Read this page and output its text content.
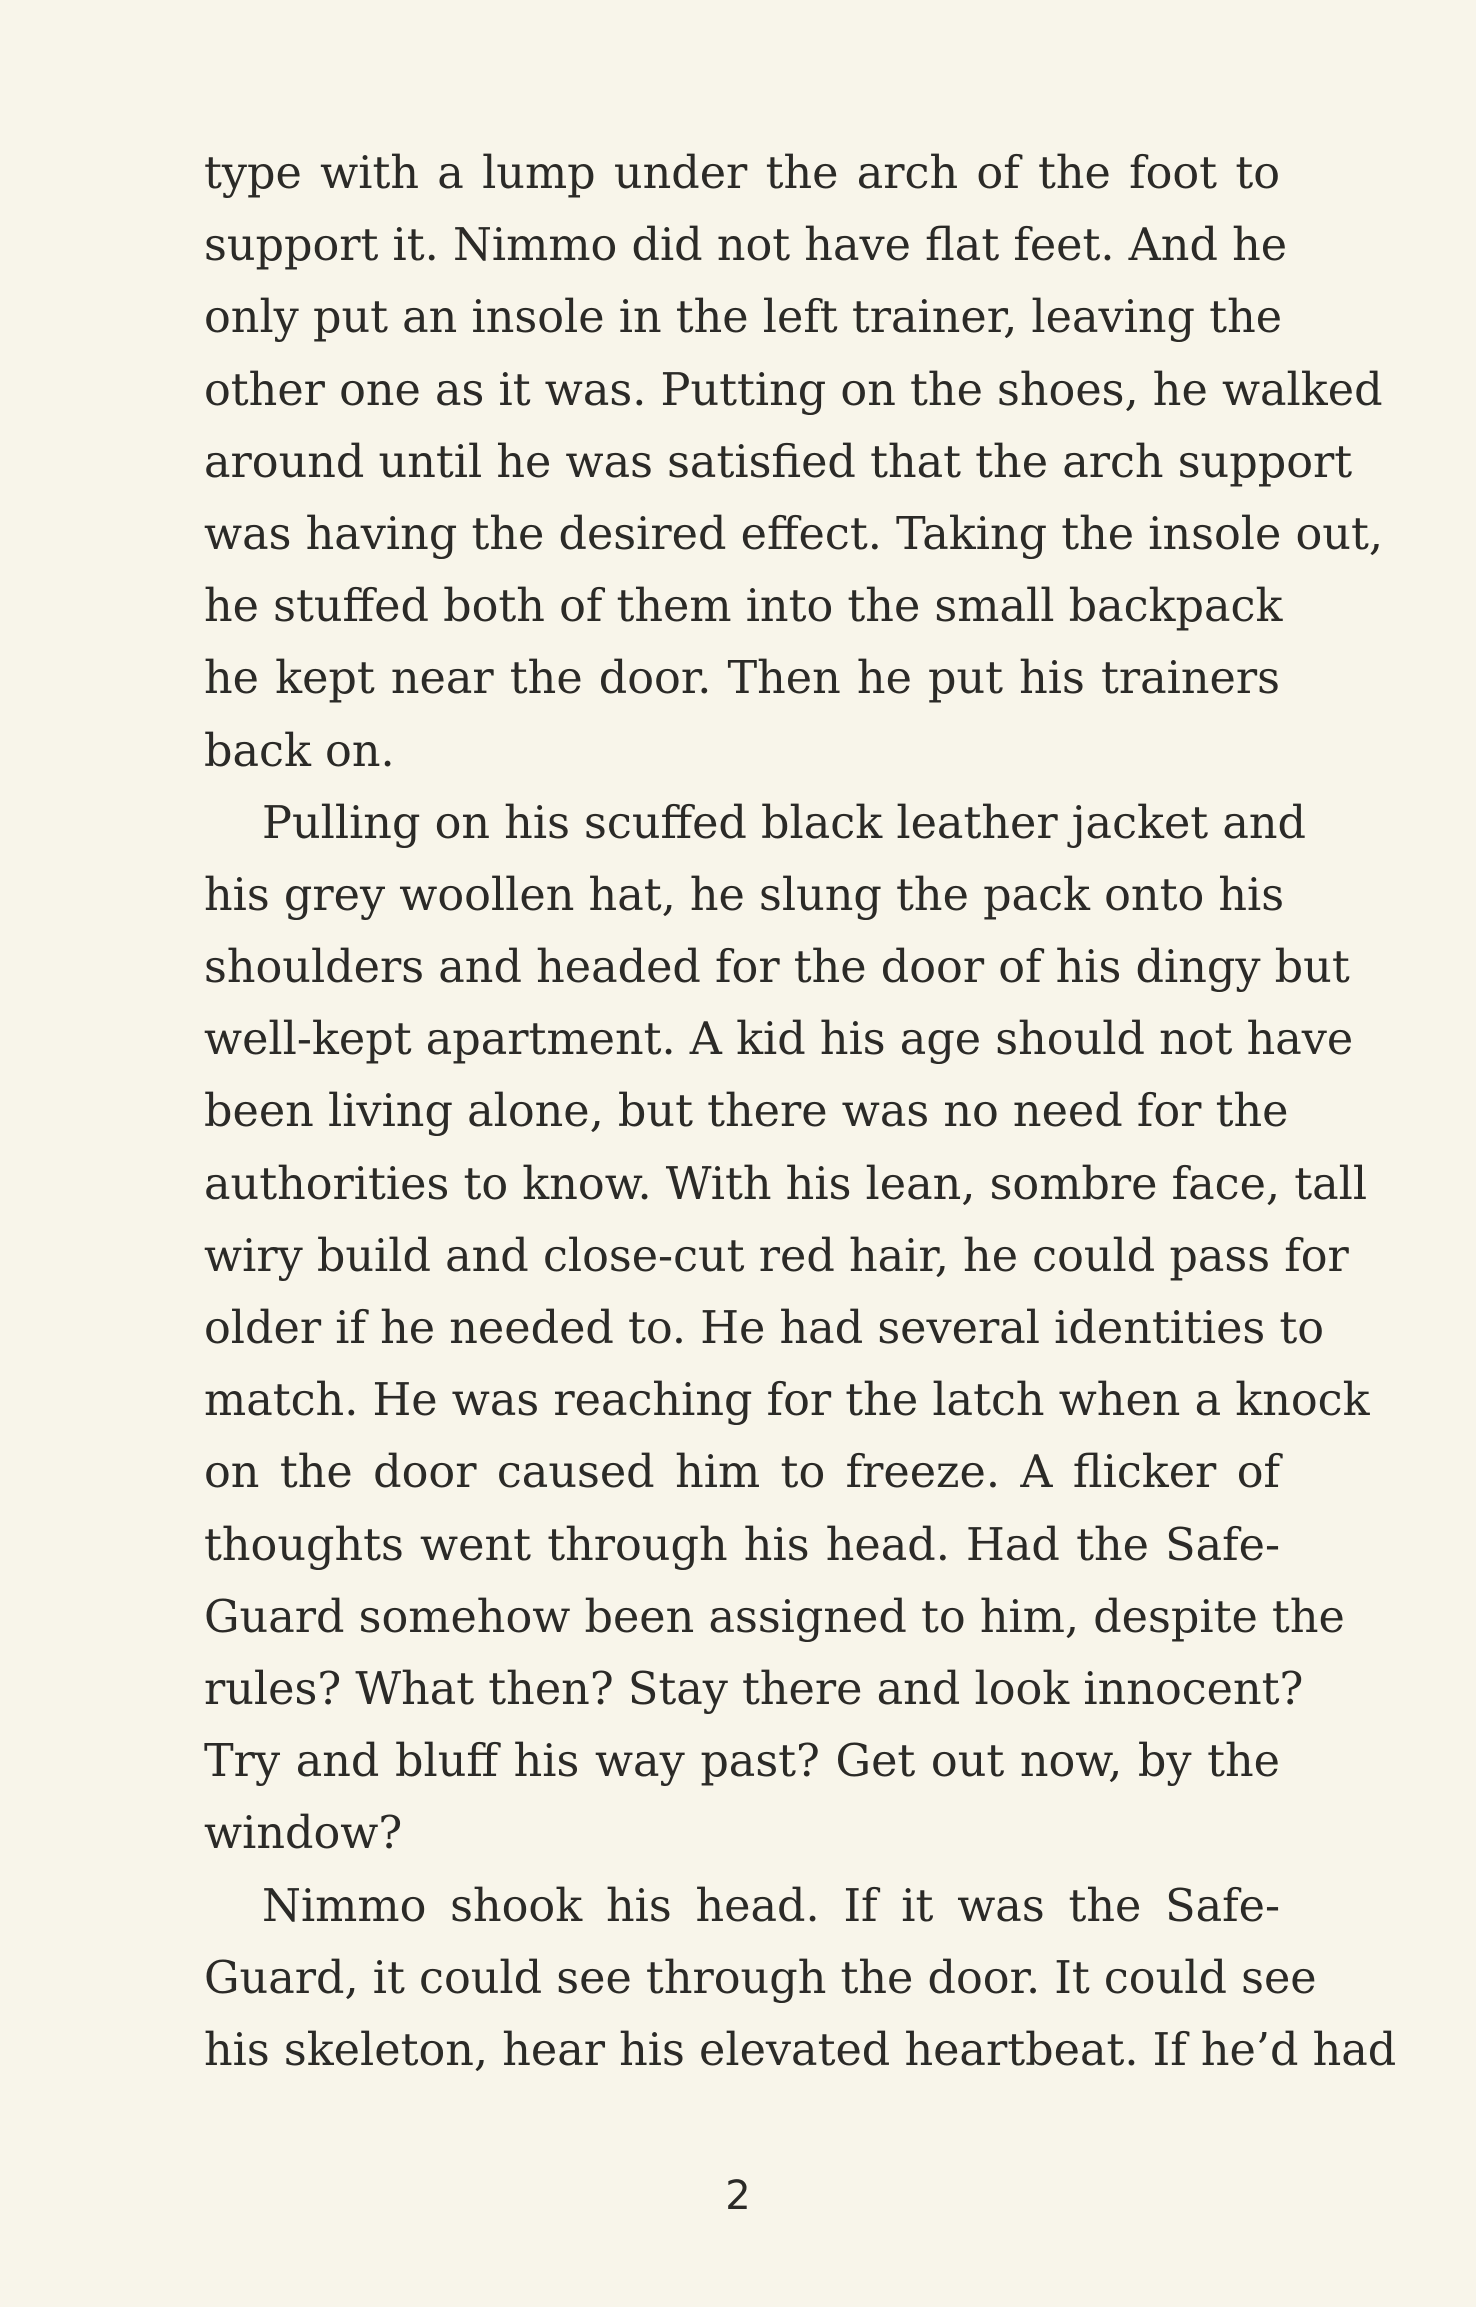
type with a lump under the arch of the foot to
support it. Nimmo did not have flat feet. And he
only put an insole in the left trainer, leaving the
other one as it was. Putting on the shoes, he walked
around until he was satisfied that the arch support
was having the desired effect. Taking the insole out,
he stuffed both of them into the small backpack
he kept near the door. Then he put his trainers
back on.

Pulling on his scuffed black leather jacket and
his grey woollen hat, he slung the pack onto his
shoulders and headed for the door of his dingy but
well-kept apartment. A kid his age should not have
been living alone, but there was no need for the
authorities to know. With his lean, sombre face, tall
wiry build and close-cut red hair, he could pass for
older if he needed to. He had several identities to
match. He was reaching for the latch when a knock
on the door caused him to freeze. A flicker of
thoughts went through his head. Had the Safe-
Guard somehow been assigned to him, despite the
rules? What then? Stay there and look innocent?
Try and bluff his way past? Get out now, by the
window?

Nimmo shook his head. If it was the Safe-
Guard, it could see through the door. It could see
his skeleton, hear his elevated heartbeat. If he’d had

2
